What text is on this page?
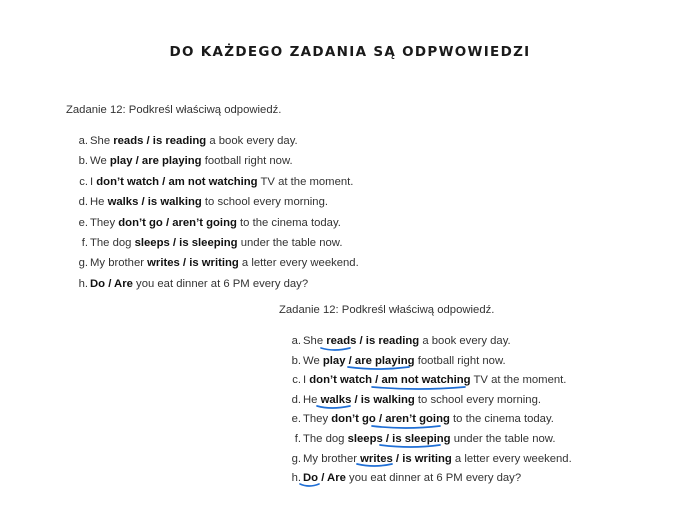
DO KAŻDEGO ZADANIA SĄ ODPWOWIEDZI
Zadanie 12: Podkreśl właściwą odpowiedź.
a. She reads / is reading a book every day.
b. We play / are playing football right now.
c. I don’t watch / am not watching TV at the moment.
d. He walks / is walking to school every morning.
e. They don’t go / aren’t going to the cinema today.
f. The dog sleeps / is sleeping under the table now.
g. My brother writes / is writing a letter every weekend.
h. Do / Are you eat dinner at 6 PM every day?
Zadanie 12: Podkreśl właściwą odpowiedź.
a. She reads / is reading a book every day.
b. We play / are playing football right now.
c. I don’t watch / am not watching TV at the moment.
d. He walks / is walking to school every morning.
e. They don’t go / aren’t going to the cinema today.
f. The dog sleeps / is sleeping under the table now.
g. My brother writes / is writing a letter every weekend.
h. Do / Are you eat dinner at 6 PM every day?
